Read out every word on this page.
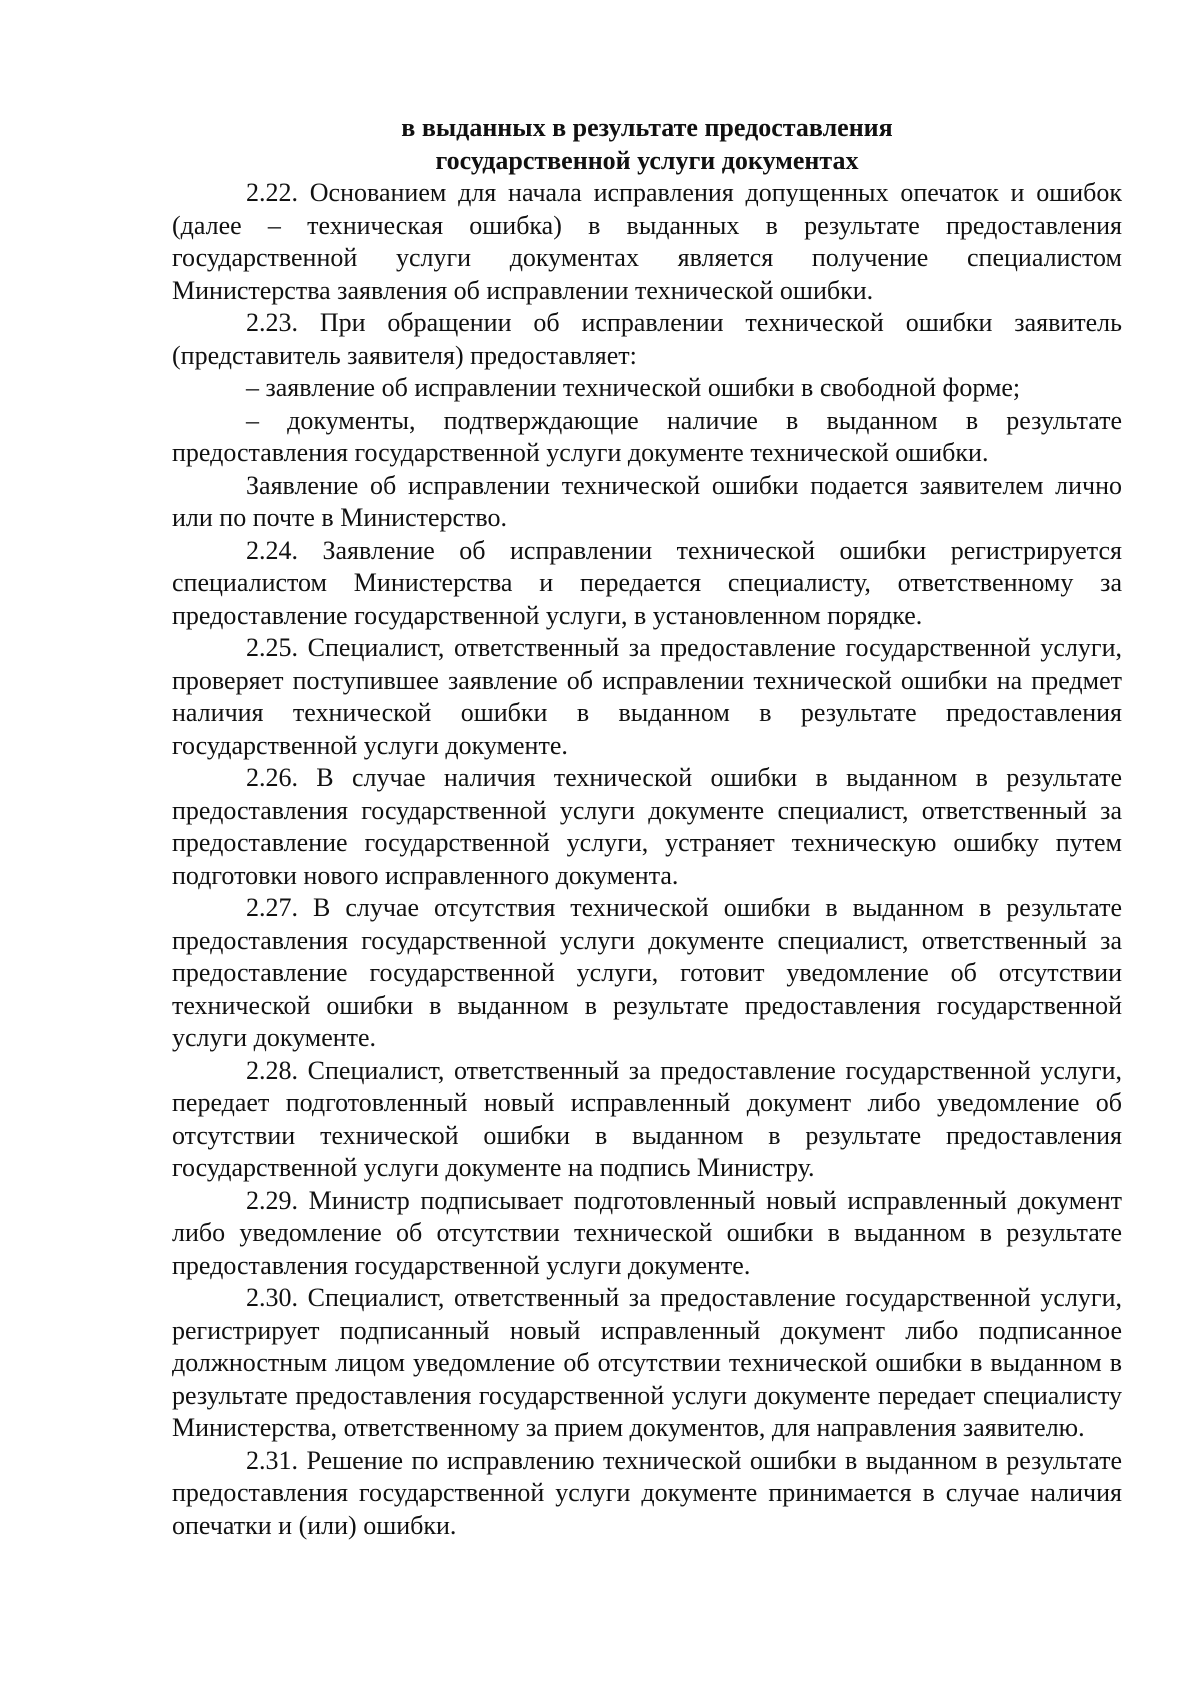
в выданных в результате предоставления
государственной услуги документах

2.22. Основанием для начала исправления допущенных опечаток и ошибок (далее – техническая ошибка) в выданных в результате предоставления государственной услуги документах является получение специалистом Министерства заявления об исправлении технической ошибки.

2.23. При обращении об исправлении технической ошибки заявитель (представитель заявителя) предоставляет:

– заявление об исправлении технической ошибки в свободной форме;

– документы, подтверждающие наличие в выданном в результате предоставления государственной услуги документе технической ошибки.

Заявление об исправлении технической ошибки подается заявителем лично или по почте в Министерство.

2.24. Заявление об исправлении технической ошибки регистрируется специалистом Министерства и передается специалисту, ответственному за предоставление государственной услуги, в установленном порядке.

2.25. Специалист, ответственный за предоставление государственной услуги, проверяет поступившее заявление об исправлении технической ошибки на предмет наличия технической ошибки в выданном в результате предоставления государственной услуги документе.

2.26. В случае наличия технической ошибки в выданном в результате предоставления государственной услуги документе специалист, ответственный за предоставление государственной услуги, устраняет техническую ошибку путем подготовки нового исправленного документа.

2.27. В случае отсутствия технической ошибки в выданном в результате предоставления государственной услуги документе специалист, ответственный за предоставление государственной услуги, готовит уведомление об отсутствии технической ошибки в выданном в результате предоставления государственной услуги документе.

2.28. Специалист, ответственный за предоставление государственной услуги, передает подготовленный новый исправленный документ либо уведомление об отсутствии технической ошибки в выданном в результате предоставления государственной услуги документе на подпись Министру.

2.29. Министр подписывает подготовленный новый исправленный документ либо уведомление об отсутствии технической ошибки в выданном в результате предоставления государственной услуги документе.

2.30. Специалист, ответственный за предоставление государственной услуги, регистрирует подписанный новый исправленный документ либо подписанное должностным лицом уведомление об отсутствии технической ошибки в выданном в результате предоставления государственной услуги документе передает специалисту Министерства, ответственному за прием документов, для направления заявителю.

2.31. Решение по исправлению технической ошибки в выданном в результате предоставления государственной услуги документе принимается в случае наличия опечатки и (или) ошибки.
